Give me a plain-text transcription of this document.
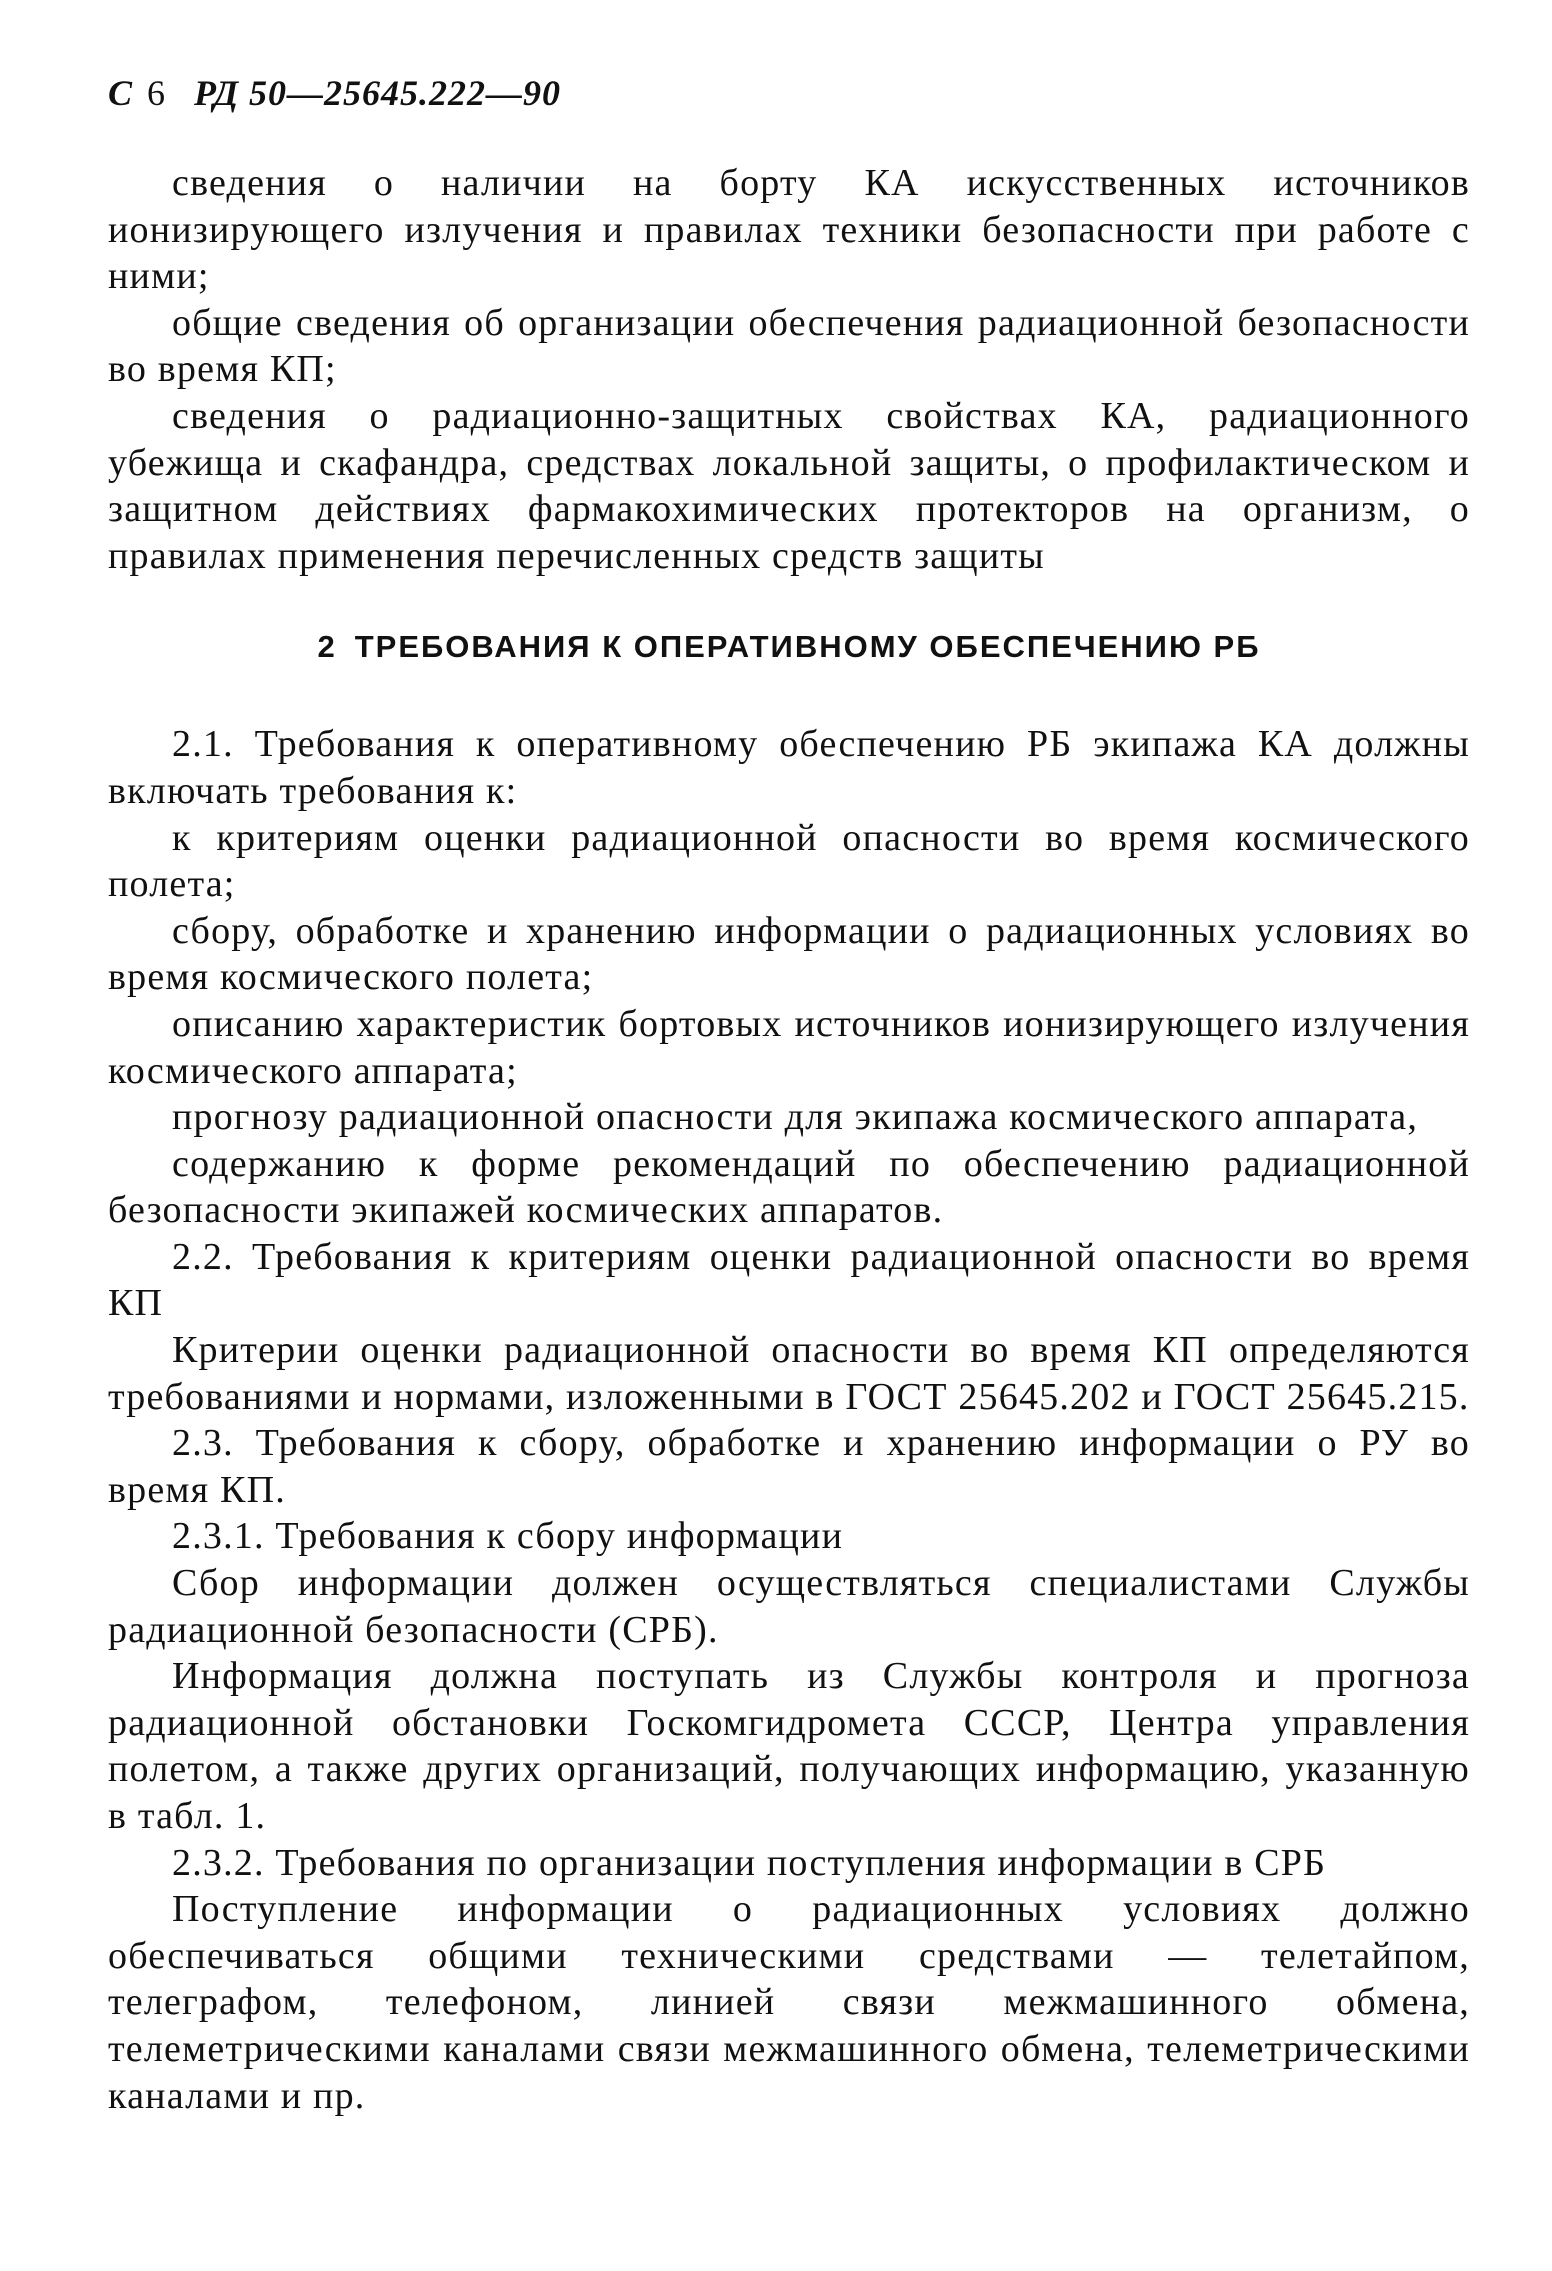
С 6 РД 50—25645.222—90

сведения о наличии на борту КА искусственных источников ионизирующего излучения и правилах техники безопасности при работе с ними;

общие сведения об организации обеспечения радиационной безопасности во время КП;

сведения о радиационно-защитных свойствах КА, радиационного убежища и скафандра, средствах локальной защиты, о профилактическом и защитном действиях фармакохимических протекторов на организм, о правилах применения перечисленных средств защиты

2 ТРЕБОВАНИЯ К ОПЕРАТИВНОМУ ОБЕСПЕЧЕНИЮ РБ

2.1. Требования к оперативному обеспечению РБ экипажа КА должны включать требования к:

к критериям оценки радиационной опасности во время космического полета;

сбору, обработке и хранению информации о радиационных условиях во время космического полета;

описанию характеристик бортовых источников ионизирующего излучения космического аппарата;

прогнозу радиационной опасности для экипажа космического аппарата,

содержанию к форме рекомендаций по обеспечению радиационной безопасности экипажей космических аппаратов.

2.2. Требования к критериям оценки радиационной опасности во время КП

Критерии оценки радиационной опасности во время КП определяются требованиями и нормами, изложенными в ГОСТ 25645.202 и ГОСТ 25645.215.

2.3. Требования к сбору, обработке и хранению информации о РУ во время КП.

2.3.1. Требования к сбору информации

Сбор информации должен осуществляться специалистами Службы радиационной безопасности (СРБ).

Информация должна поступать из Службы контроля и прогноза радиационной обстановки Госкомгидромета СССР, Центра управления полетом, а также других организаций, получающих информацию, указанную в табл. 1.

2.3.2. Требования по организации поступления информации в СРБ

Поступление информации о радиационных условиях должно обеспечиваться общими техническими средствами — телетайпом, телеграфом, телефоном, линией связи межмашинного обмена, телеметрическими каналами связи межмашинного обмена, телеметрическими каналами и пр.
